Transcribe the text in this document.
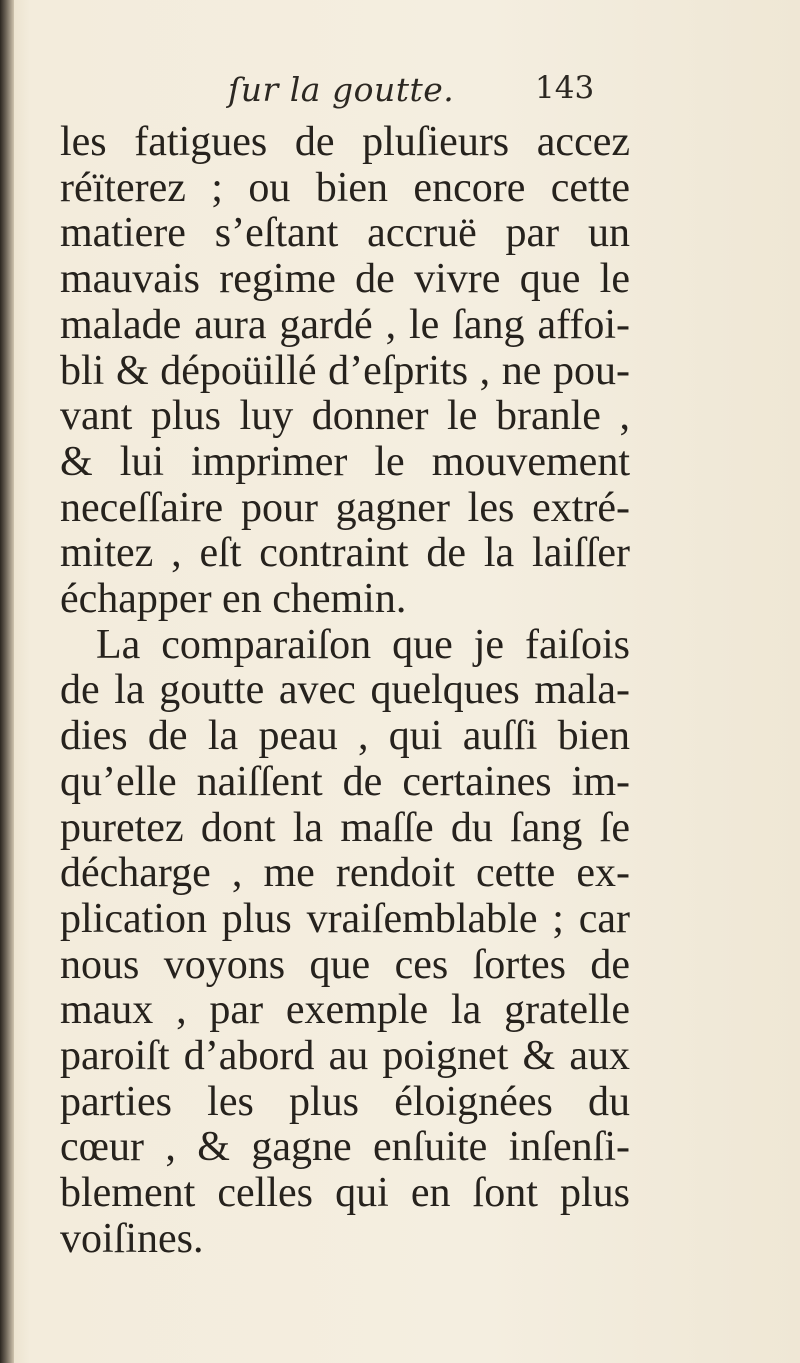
ſur la goutte.	143
les fatigues de pluſieurs accez
réïterez ; ou bien encore cette
matiere s’eſtant accruë par un
mauvais regime de vivre que le
malade aura gardé , le ſang affoi-
bli & dépoüillé d’eſprits , ne pou-
vant plus luy donner le branle ,
& lui imprimer le mouvement
neceſſaire pour gagner les extré-
mitez , eſt contraint de la laiſſer
échapper en chemin.
La comparaiſon que je faiſois
de la goutte avec quelques mala-
dies de la peau , qui auſſi bien
qu’elle naiſſent de certaines im-
puretez dont la maſſe du ſang ſe
décharge , me rendoit cette ex-
plication plus vraiſemblable ; car
nous voyons que ces ſortes de
maux , par exemple la gratelle
paroiſt d’abord au poignet & aux
parties les plus éloignées du
cœur , & gagne enſuite inſenſi-
blement celles qui en ſont plus
voiſines.
